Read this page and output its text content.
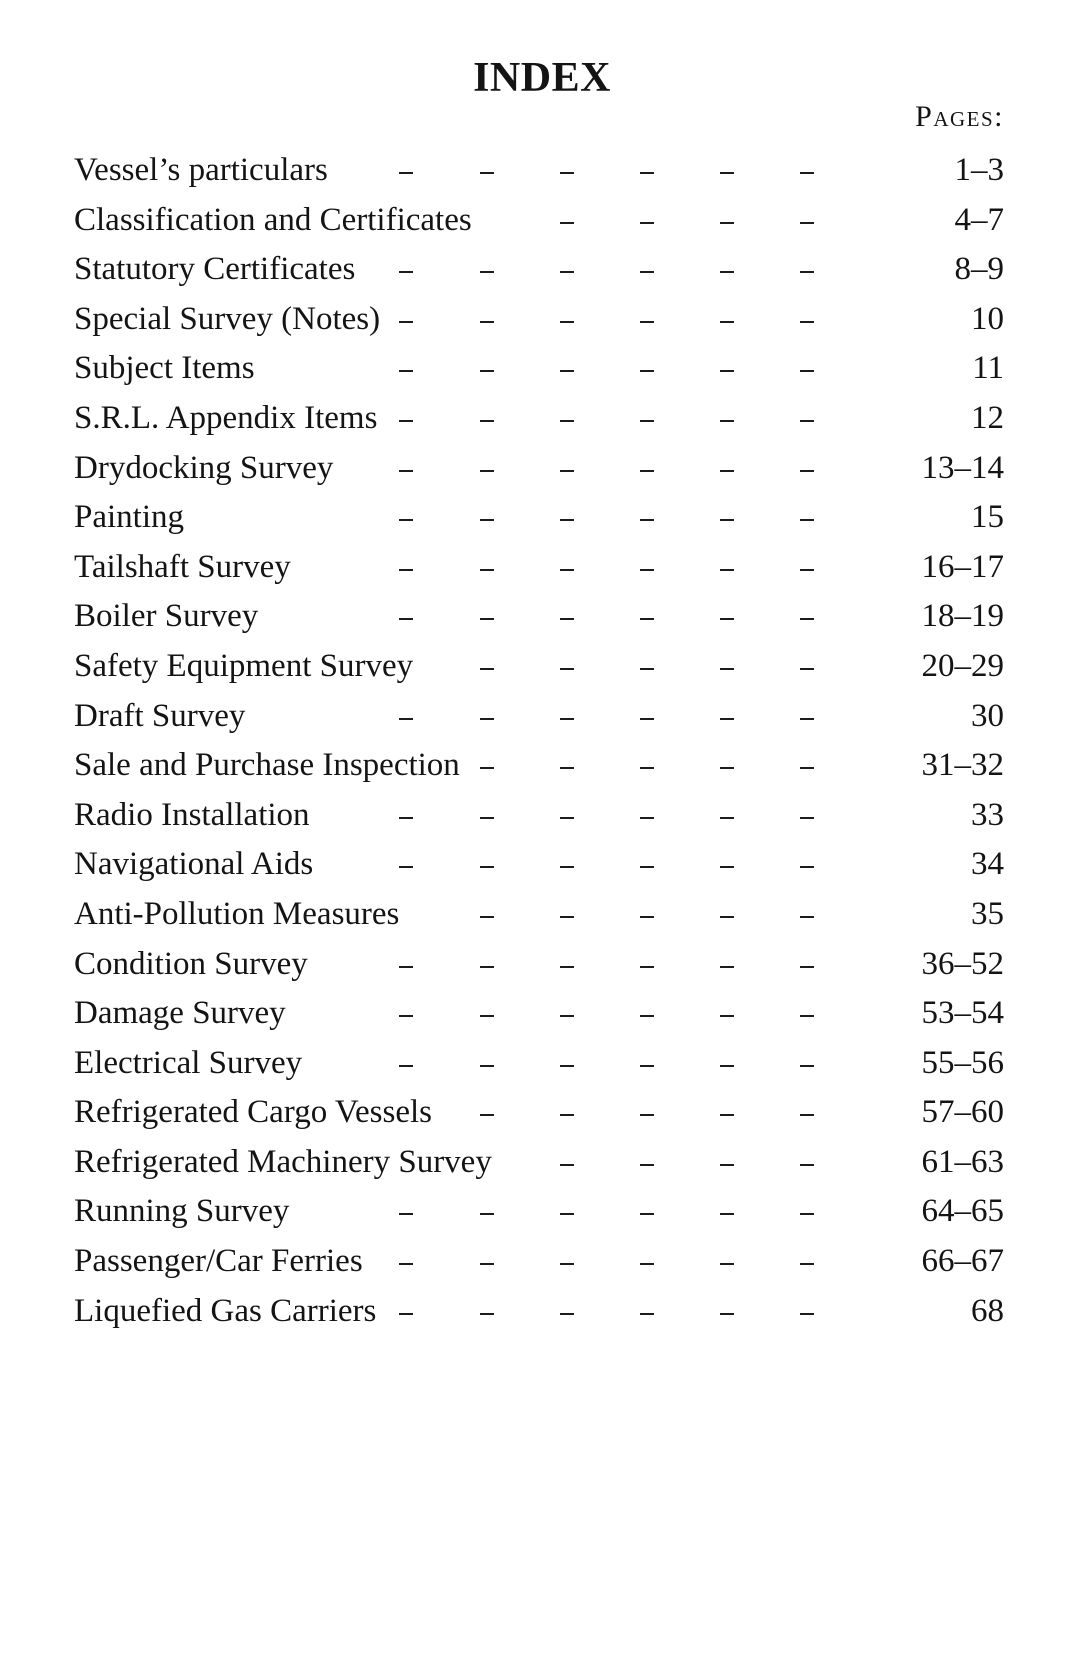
INDEX
Pages:
Vessel’s particulars	1–3
Classification and Certificates	4–7
Statutory Certificates	8–9
Special Survey (Notes)	10
Subject Items	11
S.R.L. Appendix Items	12
Drydocking Survey	13–14
Painting	15
Tailshaft Survey	16–17
Boiler Survey	18–19
Safety Equipment Survey	20–29
Draft Survey	30
Sale and Purchase Inspection	31–32
Radio Installation	33
Navigational Aids	34
Anti-Pollution Measures	35
Condition Survey	36–52
Damage Survey	53–54
Electrical Survey	55–56
Refrigerated Cargo Vessels	57–60
Refrigerated Machinery Survey	61–63
Running Survey	64–65
Passenger/Car Ferries	66–67
Liquefied Gas Carriers	68
